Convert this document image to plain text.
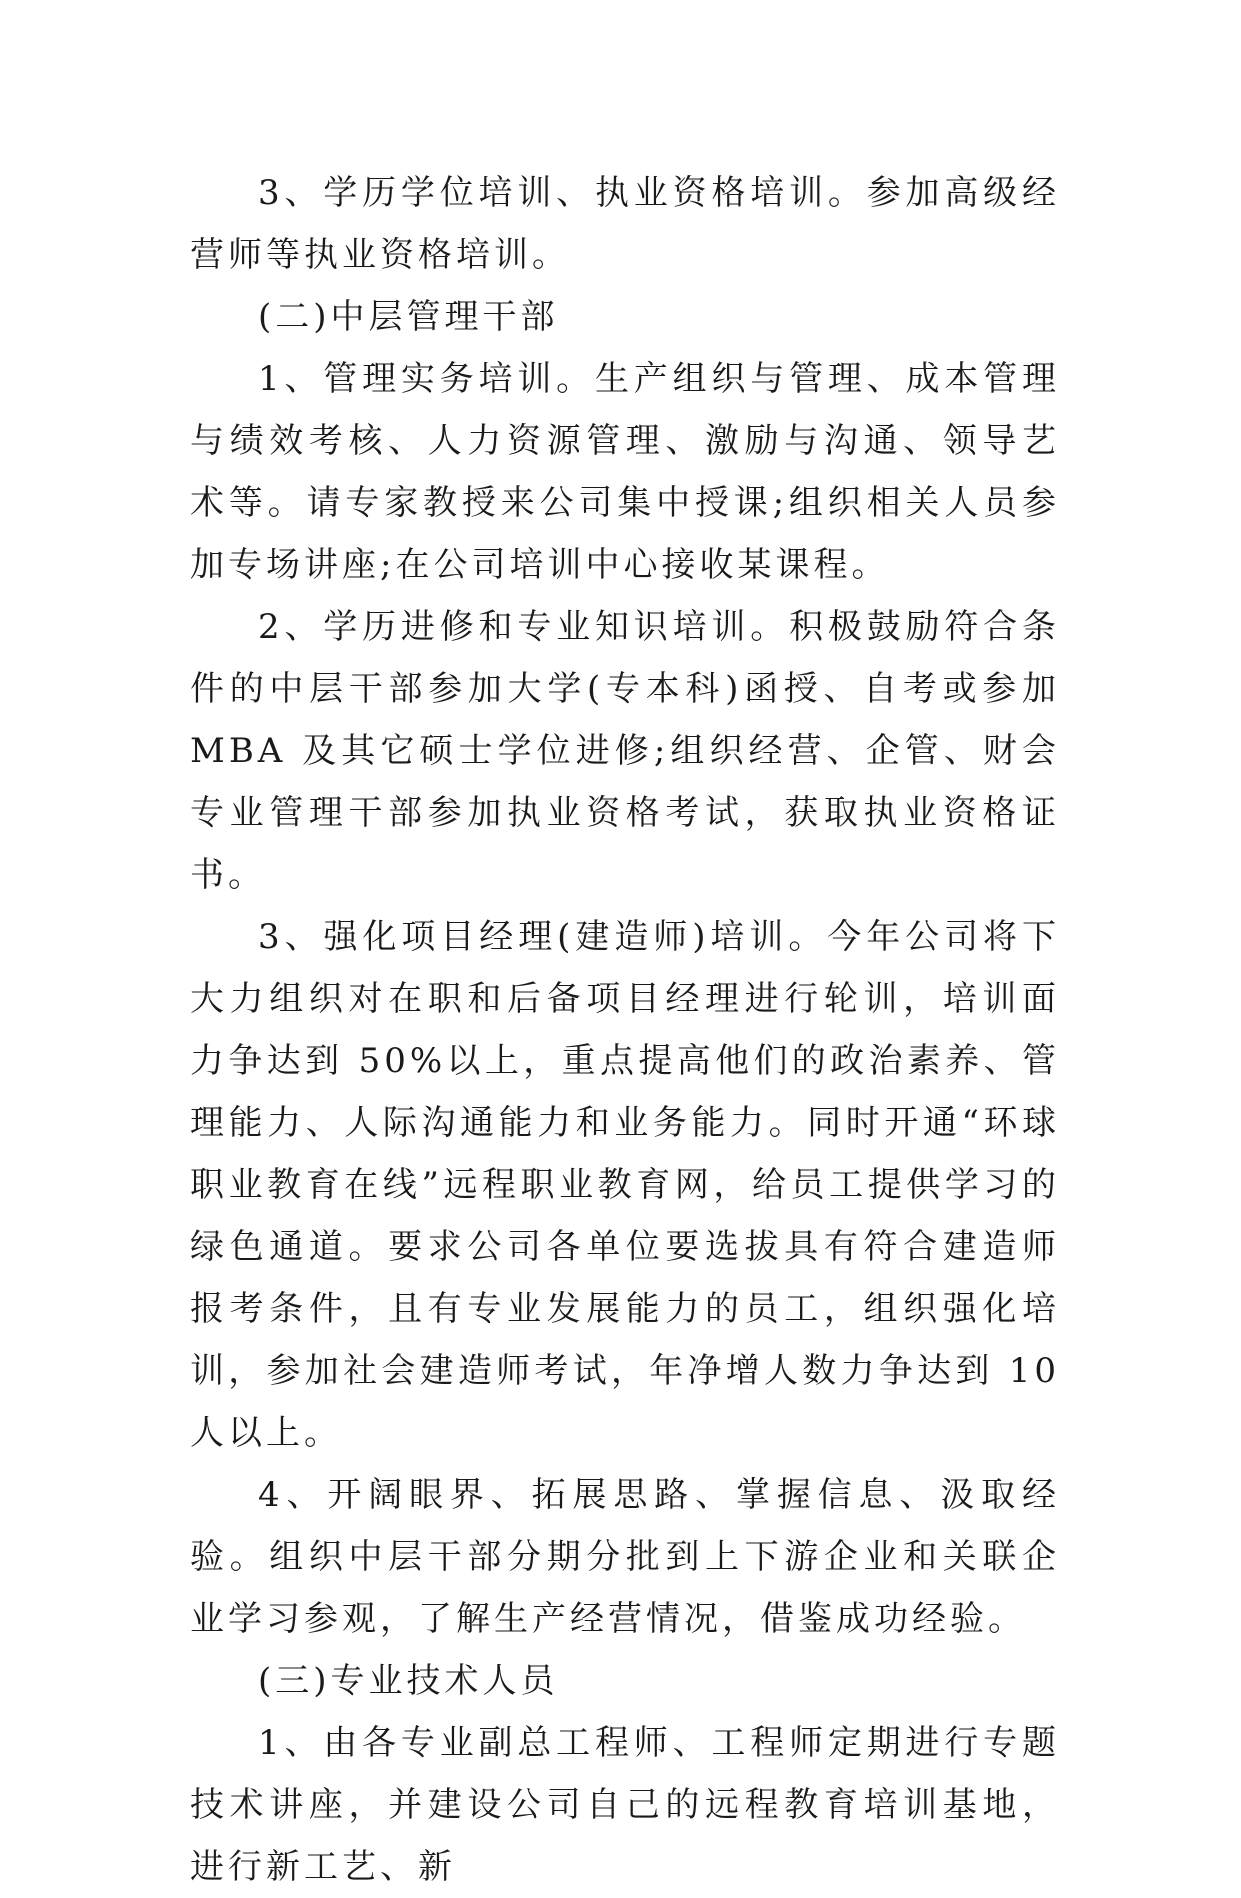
3、学历学位培训、执业资格培训。参加高级经营师等执业资格培训。

(二)中层管理干部

1、管理实务培训。生产组织与管理、成本管理与绩效考核、人力资源管理、激励与沟通、领导艺术等。请专家教授来公司集中授课;组织相关人员参加专场讲座;在公司培训中心接收某课程。

2、学历进修和专业知识培训。积极鼓励符合条件的中层干部参加大学(专本科)函授、自考或参加 MBA 及其它硕士学位进修;组织经营、企管、财会专业管理干部参加执业资格考试，获取执业资格证书。

3、强化项目经理(建造师)培训。今年公司将下大力组织对在职和后备项目经理进行轮训，培训面力争达到 50%以上，重点提高他们的政治素养、管理能力、人际沟通能力和业务能力。同时开通“环球职业教育在线”远程职业教育网，给员工提供学习的绿色通道。要求公司各单位要选拔具有符合建造师报考条件，且有专业发展能力的员工，组织强化培训，参加社会建造师考试，年净增人数力争达到 10 人以上。

4、开阔眼界、拓展思路、掌握信息、汲取经验。组织中层干部分期分批到上下游企业和关联企业学习参观，了解生产经营情况，借鉴成功经验。

(三)专业技术人员

1、由各专业副总工程师、工程师定期进行专题技术讲座，并建设公司自己的远程教育培训基地，进行新工艺、新
